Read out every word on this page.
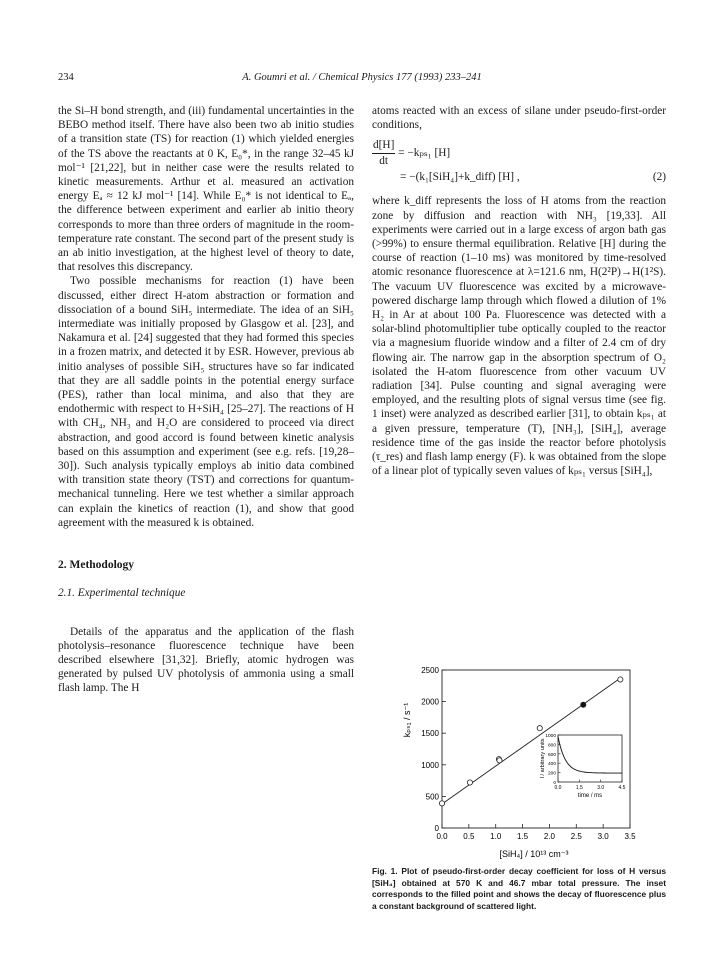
234	A. Goumri et al. / Chemical Physics 177 (1993) 233–241

the Si–H bond strength, and (iii) fundamental uncertainties in the BEBO method itself. There have also been two ab initio studies of a transition state (TS) for reaction (1) which yielded energies of the TS above the reactants at 0 K, E₀*, in the range 32–45 kJ mol⁻¹ [21,22], but in neither case were the results related to kinetic measurements. Arthur et al. measured an activation energy Eₐ ≈ 12 kJ mol⁻¹ [14]. While E₀* is not identical to Eₐ, the difference between experiment and earlier ab initio theory corresponds to more than three orders of magnitude in the room-temperature rate constant. The second part of the present study is an ab initio investigation, at the highest level of theory to date, that resolves this discrepancy.

Two possible mechanisms for reaction (1) have been discussed, either direct H-atom abstraction or formation and dissociation of a bound SiH₅ intermediate. The idea of an SiH₅ intermediate was initially proposed by Glasgow et al. [23], and Nakamura et al. [24] suggested that they had formed this species in a frozen matrix, and detected it by ESR. However, previous ab initio analyses of possible SiH₅ structures have so far indicated that they are all saddle points in the potential energy surface (PES), rather than local minima, and also that they are endothermic with respect to H+SiH₄ [25–27]. The reactions of H with CH₄, NH₃ and H₂O are considered to proceed via direct abstraction, and good accord is found between kinetic analysis based on this assumption and experiment (see e.g. refs. [19,28–30]). Such analysis typically employs ab initio data combined with transition state theory (TST) and corrections for quantum-mechanical tunneling. Here we test whether a similar approach can explain the kinetics of reaction (1), and show that good agreement with the measured k is obtained.

2. Methodology
2.1. Experimental technique

Details of the apparatus and the application of the flash photolysis–resonance fluorescence technique have been described elsewhere [31,32]. Briefly, atomic hydrogen was generated by pulsed UV photolysis of ammonia using a small flash lamp. The H

atoms reacted with an excess of silane under pseudo-first-order conditions,

$\frac{d[H]}{dt} = -k_{ps1}$ [H]
= −(k₁[SiH₄]+k_diff) [H] ,	(2)

where k_diff represents the loss of H atoms from the reaction zone by diffusion and reaction with NH₃ [19,33]. All experiments were carried out in a large excess of argon bath gas (>99%) to ensure thermal equilibration. Relative [H] during the course of reaction (1–10 ms) was monitored by time-resolved atomic resonance fluorescence at λ=121.6 nm, H(2²P)→H(1²S). The vacuum UV fluorescence was excited by a microwave-powered discharge lamp through which flowed a dilution of 1% H₂ in Ar at about 100 Pa. Fluorescence was detected with a solar-blind photomultiplier tube optically coupled to the reactor via a magnesium fluoride window and a filter of 2.4 cm of dry flowing air. The narrow gap in the absorption spectrum of O₂ isolated the H-atom fluorescence from other vacuum UV radiation [34]. Pulse counting and signal averaging were employed, and the resulting plots of signal versus time (see fig. 1 inset) were analyzed as described earlier [31], to obtain kₚₛ₁ at a given pressure, temperature (T), [NH₃], [SiH₄], average residence time of the gas inside the reactor before photolysis (τ_res) and flash lamp energy (F). k was obtained from the slope of a linear plot of typically seven values of kₚₛ₁ versus [SiH₄],

0.0 0.5 1.0 1.5 2.0 2.5 3.0 3.5
0
500
1000
1500
2000
2500
[SiH₄] / 10¹³ cm⁻³
kₚₛ₁ / s⁻¹
0.0	1.5	3.0	4.5
0
200
400
600
800
1000
time / ms
I / arbitrary units
Fig. 1. Plot of pseudo-first-order decay coefficient for loss of H versus [SiH₄] obtained at 570 K and 46.7 mbar total pressure. The inset corresponds to the filled point and shows the decay of fluorescence plus a constant background of scattered light.
